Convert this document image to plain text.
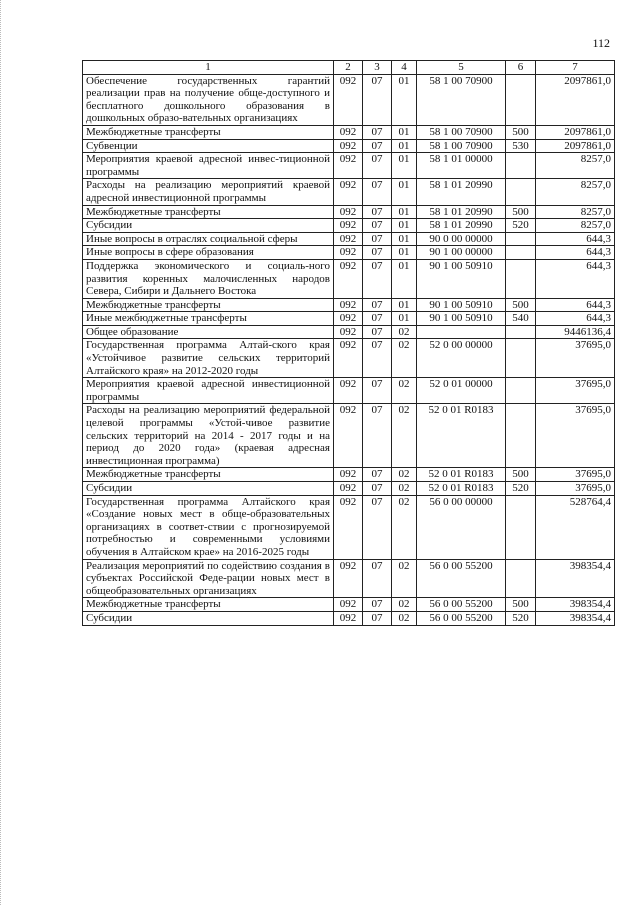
112
1	2	3	4	5	6	7
Обеспечение государственных гарантий реализации прав на получение обще-доступного и бесплатного дошкольного образования в дошкольных образо-вательных организациях	092	07	01	58 1 00 70900		2097861,0
Межбюджетные трансферты	092	07	01	58 1 00 70900	500	2097861,0
Субвенции	092	07	01	58 1 00 70900	530	2097861,0
Мероприятия краевой адресной инвес-тиционной программы	092	07	01	58 1 01 00000		8257,0
Расходы на реализацию мероприятий краевой адресной инвестиционной программы	092	07	01	58 1 01 20990		8257,0
Межбюджетные трансферты	092	07	01	58 1 01 20990	500	8257,0
Субсидии	092	07	01	58 1 01 20990	520	8257,0
Иные вопросы в отраслях социальной сферы	092	07	01	90 0 00 00000		644,3
Иные вопросы в сфере образования	092	07	01	90 1 00 00000		644,3
Поддержка экономического и социаль-ного развития коренных малочисленных народов Севера, Сибири и Дальнего Востока	092	07	01	90 1 00 50910		644,3
Межбюджетные трансферты	092	07	01	90 1 00 50910	500	644,3
Иные межбюджетные трансферты	092	07	01	90 1 00 50910	540	644,3
Общее образование	092	07	02			9446136,4
Государственная программа Алтай-ского края «Устойчивое развитие сельских территорий Алтайского края» на 2012-2020 годы	092	07	02	52 0 00 00000		37695,0
Мероприятия краевой адресной инвестиционной программы	092	07	02	52 0 01 00000		37695,0
Расходы на реализацию мероприятий федеральной целевой программы «Устой-чивое развитие сельских территорий на 2014 - 2017 годы и на период до 2020 года» (краевая адресная инвестиционная программа)	092	07	02	52 0 01 R0183		37695,0
Межбюджетные трансферты	092	07	02	52 0 01 R0183	500	37695,0
Субсидии	092	07	02	52 0 01 R0183	520	37695,0
Государственная программа Алтайского края «Создание новых мест в обще-образовательных организациях в соответ-ствии с прогнозируемой потребностью и современными условиями обучения в Алтайском крае» на 2016-2025 годы	092	07	02	56 0 00 00000		528764,4
Реализация мероприятий по содействию создания в субъектах Российской Феде-рации новых мест в общеобразовательных организациях	092	07	02	56 0 00 55200		398354,4
Межбюджетные трансферты	092	07	02	56 0 00 55200	500	398354,4
Субсидии	092	07	02	56 0 00 55200	520	398354,4
